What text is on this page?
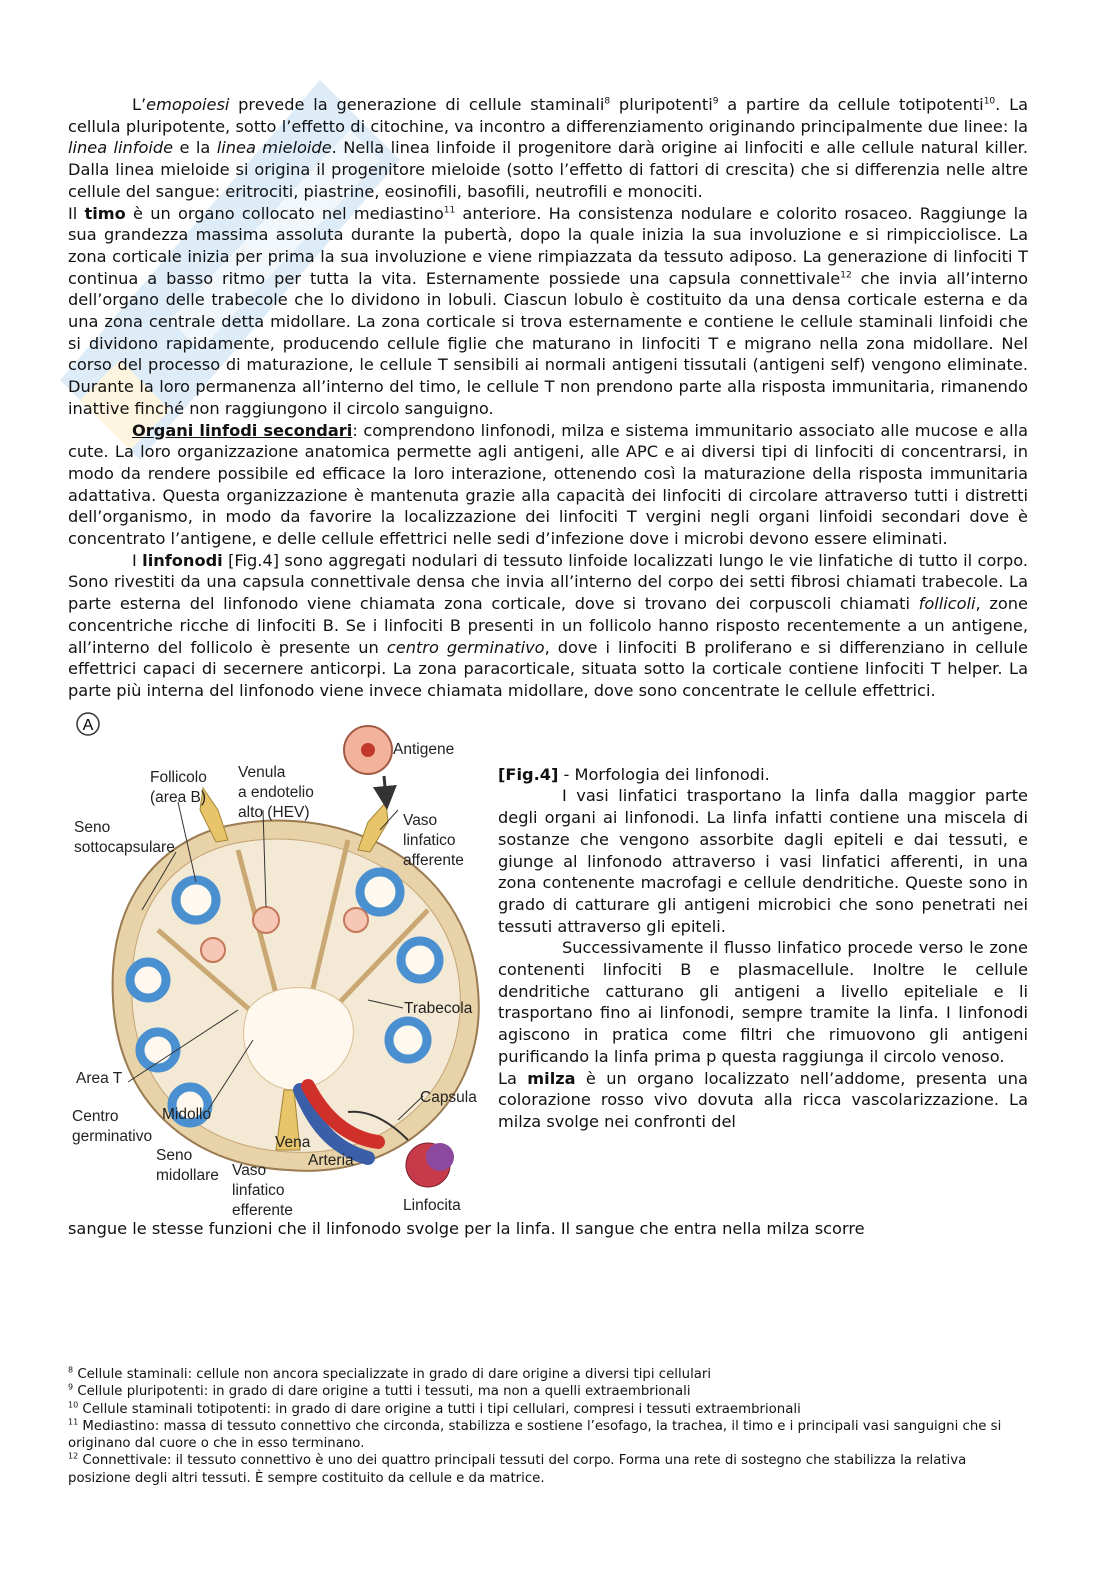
L’emopoiesi prevede la generazione di cellule staminali$^8$ pluripotenti$^9$ a partire da cellule totipotenti$^{10}$. La cellula pluripotente, sotto l’effetto di citochine, va incontro a differenziamento originando principalmente due linee: la linea linfoide e la linea mieloide. Nella linea linfoide il progenitore darà origine ai linfociti e alle cellule natural killer. Dalla linea mieloide si origina il progenitore mieloide (sotto l’effetto di fattori di crescita) che si differenzia nelle altre cellule del sangue: eritrociti, piastrine, eosinofili, basofili, neutrofili e monociti.

Il timo è un organo collocato nel mediastino$^{11}$ anteriore. Ha consistenza nodulare e colorito rosaceo. Raggiunge la sua grandezza massima assoluta durante la pubertà, dopo la quale inizia la sua involuzione e si rimpicciolisce. La zona corticale inizia per prima la sua involuzione e viene rimpiazzata da tessuto adiposo. La generazione di linfociti T continua a basso ritmo per tutta la vita. Esternamente possiede una capsula connettivale$^{12}$ che invia all’interno dell’organo delle trabecole che lo dividono in lobuli. Ciascun lobulo è costituito da una densa corticale esterna e da una zona centrale detta midollare. La zona corticale si trova esternamente e contiene le cellule staminali linfoidi che si dividono rapidamente, producendo cellule figlie che maturano in linfociti T e migrano nella zona midollare. Nel corso del processo di maturazione, le cellule T sensibili ai normali antigeni tissutali (antigeni self) vengono eliminate. Durante la loro permanenza all’interno del timo, le cellule T non prendono parte alla risposta immunitaria, rimanendo inattive finché non raggiungono il circolo sanguigno.

Organi linfodi secondari: comprendono linfonodi, milza e sistema immunitario associato alle mucose e alla cute. La loro organizzazione anatomica permette agli antigeni, alle APC e ai diversi tipi di linfociti di concentrarsi, in modo da rendere possibile ed efficace la loro interazione, ottenendo così la maturazione della risposta immunitaria adattativa. Questa organizzazione è mantenuta grazie alla capacità dei linfociti di circolare attraverso tutti i distretti dell’organismo, in modo da favorire la localizzazione dei linfociti T vergini negli organi linfoidi secondari dove è concentrato l’antigene, e delle cellule effettrici nelle sedi d’infezione dove i microbi devono essere eliminati.

I linfonodi [Fig.4] sono aggregati nodulari di tessuto linfoide localizzati lungo le vie linfatiche di tutto il corpo. Sono rivestiti da una capsula connettivale densa che invia all’interno del corpo dei setti fibrosi chiamati trabecole. La parte esterna del linfonodo viene chiamata zona corticale, dove si trovano dei corpuscoli chiamati follicoli, zone concentriche ricche di linfociti B. Se i linfociti B presenti in un follicolo hanno risposto recentemente a un antigene, all’interno del follicolo è presente un centro germinativo, dove i linfociti B proliferano e si differenziano in cellule effettrici capaci di secernere anticorpi. La zona paracorticale, situata sotto la corticale contiene linfociti T helper. La parte più interna del linfonodo viene invece chiamata midollare, dove sono concentrate le cellule effettrici.

A
Antigene
Follicolo
(area B)
Venula
a endotelio
alto (HEV)
Seno
sottocapsulare
Vaso
linfatico
afferente
Trabecola
Area T
Capsula
Centro
germinativo
Midollo
Vena
Arteria
Seno
midollare Vaso
linfatico
efferente	Linfocita

[Fig.4] - Morfologia dei linfonodi.

I vasi linfatici trasportano la linfa dalla maggior parte degli organi ai linfonodi. La linfa infatti contiene una miscela di sostanze che vengono assorbite dagli epiteli e dai tessuti, e giunge al linfonodo attraverso i vasi linfatici afferenti, in una zona contenente macrofagi e cellule dendritiche. Queste sono in grado di catturare gli antigeni microbici che sono penetrati nei tessuti attraverso gli epiteli.

Successivamente il flusso linfatico procede verso le zone contenenti linfociti B e plasmacellule. Inoltre le cellule dendritiche catturano gli antigeni a livello epiteliale e li trasportano fino ai linfonodi, sempre tramite la linfa. I linfonodi agiscono in pratica come filtri che rimuovono gli antigeni purificando la linfa prima p questa raggiunga il circolo venoso.

La milza è un organo localizzato nell’addome, presenta una colorazione rosso vivo dovuta alla ricca vascolarizzazione. La milza svolge nei confronti del

sangue le stesse funzioni che il linfonodo svolge per la linfa. Il sangue che entra nella milza scorre

$^8$ Cellule staminali: cellule non ancora specializzate in grado di dare origine a diversi tipi cellulari

$^9$ Cellule pluripotenti: in grado di dare origine a tutti i tessuti, ma non a quelli extraembrionali

$^{10}$ Cellule staminali totipotenti: in grado di dare origine a tutti i tipi cellulari, compresi i tessuti extraembrionali

$^{11}$ Mediastino: massa di tessuto connettivo che circonda, stabilizza e sostiene l’esofago, la trachea, il timo e i principali vasi sanguigni che si originano dal cuore o che in esso terminano.

$^{12}$ Connettivale: il tessuto connettivo è uno dei quattro principali tessuti del corpo. Forma una rete di sostegno che stabilizza la relativa posizione degli altri tessuti. È sempre costituito da cellule e da matrice.
